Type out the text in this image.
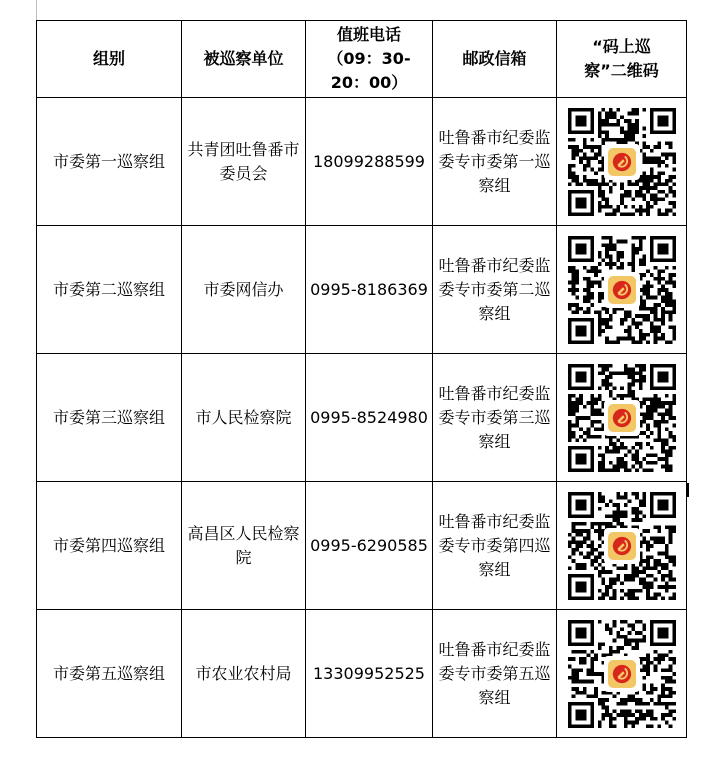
组别	被巡察单位	值班电话（09：30-20：00）	邮政信箱	“码上巡察”二维码
市委第一巡察组	共青团吐鲁番市委员会	18099288599	吐鲁番市纪委监委专市委第一巡察组	

市委第二巡察组	市委网信办	0995-8186369	吐鲁番市纪委监委专市委第二巡察组	

市委第三巡察组	市人民检察院	0995-8524980	吐鲁番市纪委监委专市委第三巡察组	

市委第四巡察组	高昌区人民检察院	0995-6290585	吐鲁番市纪委监委专市委第四巡察组	

市委第五巡察组	市农业农村局	13309952525	吐鲁番市纪委监委专市委第五巡察组	
